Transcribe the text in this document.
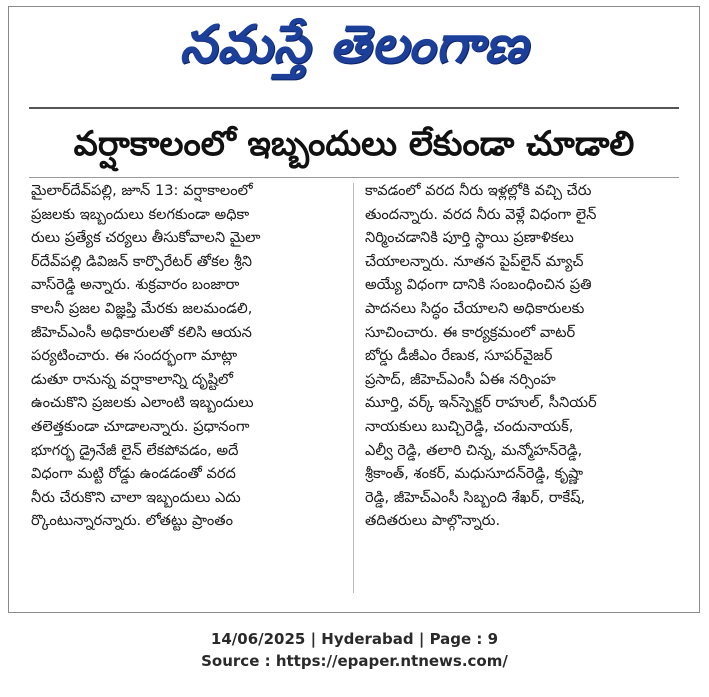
నమస్తే తెలంగాణ
వర్షాకాలంలో ఇబ్బందులు లేకుండా చూడాలి
మైలార్‌దేవ్‌పల్లి, జూన్ 13: వర్షాకాలంలో
ప్రజలకు ఇబ్బందులు కలగకుండా అధికా
రులు ప్రత్యేక చర్యలు తీసుకోవాలని మైలా
ర్‌దేవ్‌పల్లి డివిజన్ కార్పొరేటర్ తోకల శ్రీని
వాస్‌రెడ్డి అన్నారు. శుక్రవారం బంజారా
కాలనీ ప్రజల విజ్ఞప్తి మేరకు జలమండలి,
జీహెచ్‌ఎంసీ అధికారులతో కలిసి ఆయన
పర్యటించారు. ఈ సందర్భంగా మాట్లా
డుతూ రానున్న వర్షాకాలాన్ని దృష్టిలో
ఉంచుకొని ప్రజలకు ఎలాంటి ఇబ్బందులు
తలెత్తకుండా చూడాలన్నారు. ప్రధానంగా
భూగర్భ డ్రైనేజీ లైన్ లేకపోవడం, అదే
విధంగా మట్టి రోడ్డు ఉండడంతో వరద
నీరు చేరుకొని చాలా ఇబ్బందులు ఎదు
ర్కొంటున్నారన్నారు. లోతట్టు ప్రాంతం
కావడంలో వరద నీరు ఇళ్లల్లోకి వచ్చి చేరు
తుందన్నారు. వరద నీరు వెళ్లే విధంగా లైన్
నిర్మించడానికి పూర్తి స్థాయి ప్రణాళికలు
చేయాలన్నారు. నూతన పైప్‌లైన్ మ్యాచ్
అయ్యే విధంగా దానికి సంబంధించిన ప్రతి
పాదనలు సిద్ధం చేయాలని అధికారులకు
సూచించారు. ఈ కార్యక్రమంలో వాటర్
బోర్డు డీజీఎం రేణుక, సూపర్‌వైజర్
ప్రసాద్, జీహెచ్‌ఎంసీ ఏఈ నర్సింహ
మూర్తి, వర్క్ ఇన్‌స్పెక్టర్ రాహుల్, సీనియర్
నాయకులు బుచ్చిరెడ్డి, చందునాయక్,
ఎల్వీ రెడ్డి, తలారి చిన్న, మన్మోహన్‌రెడ్డి,
శ్రీకాంత్, శంకర్, మధుసూదన్‌రెడ్డి, కృష్ణా
రెడ్డి, జీహెచ్‌ఎంసీ సిబ్బంది శేఖర్, రాకేష్,
తదితరులు పాల్గొన్నారు.
14/06/2025 | Hyderabad | Page : 9
Source : https://epaper.ntnews.com/
